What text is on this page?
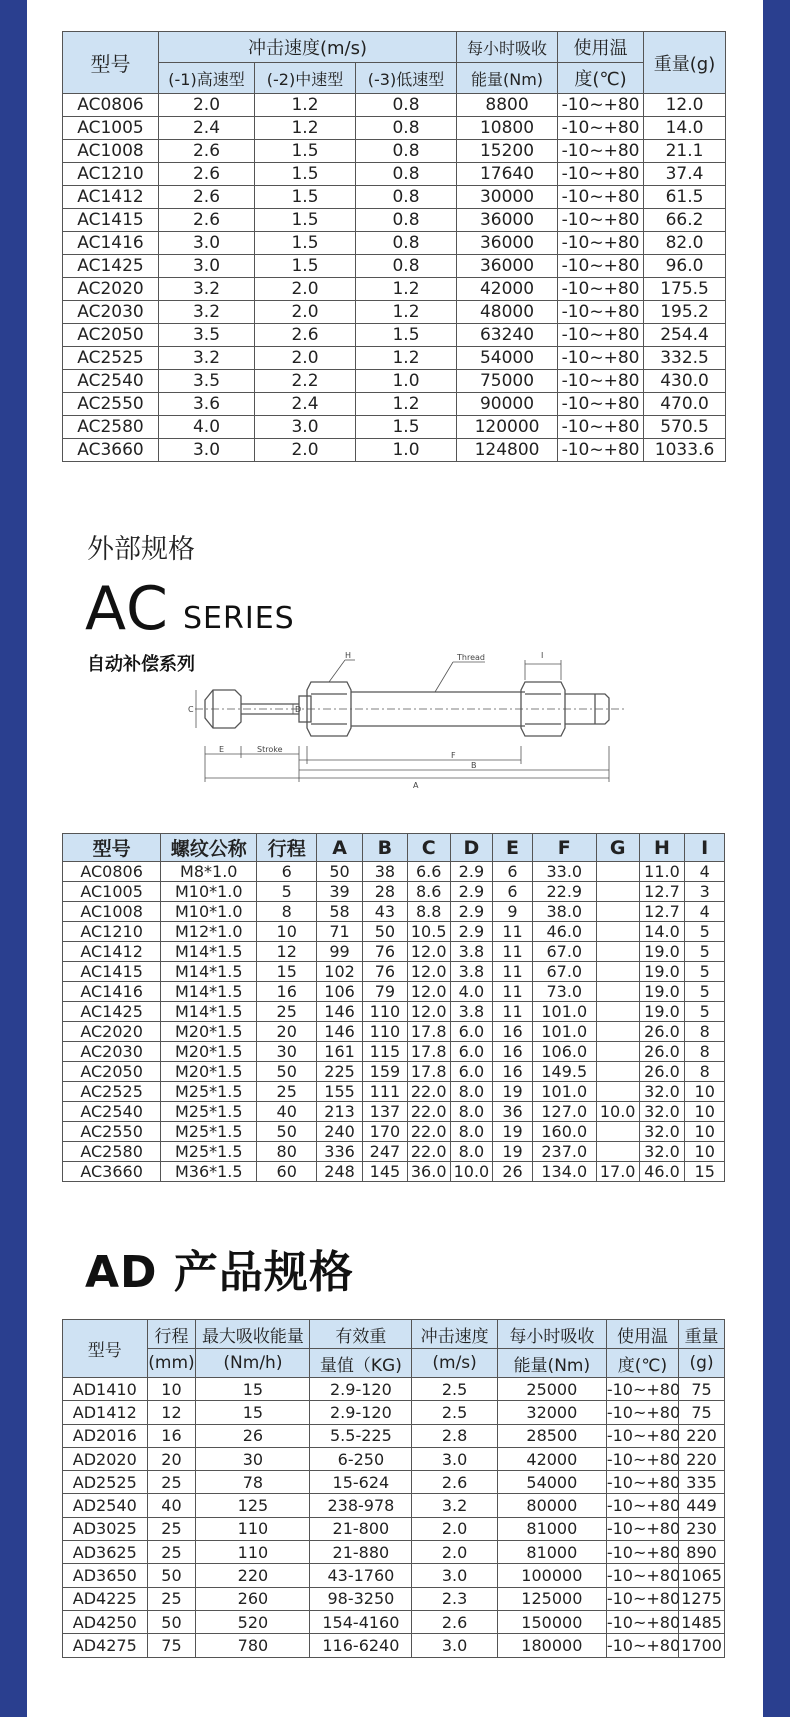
型号	冲击速度(m/s)			每小时吸收	使用温	重量(g)
	(-1)高速型	(-2)中速型	(-3)低速型	能量(Nm)	度(℃)	
AC0806	2.0	1.2	0.8	8800	-10~+80	12.0
AC1005	2.4	1.2	0.8	10800	-10~+80	14.0
AC1008	2.6	1.5	0.8	15200	-10~+80	21.1
AC1210	2.6	1.5	0.8	17640	-10~+80	37.4
AC1412	2.6	1.5	0.8	30000	-10~+80	61.5
AC1415	2.6	1.5	0.8	36000	-10~+80	66.2
AC1416	3.0	1.5	0.8	36000	-10~+80	82.0
AC1425	3.0	1.5	0.8	36000	-10~+80	96.0
AC2020	3.2	2.0	1.2	42000	-10~+80	175.5
AC2030	3.2	2.0	1.2	48000	-10~+80	195.2
AC2050	3.5	2.6	1.5	63240	-10~+80	254.4
AC2525	3.2	2.0	1.2	54000	-10~+80	332.5
AC2540	3.5	2.2	1.0	75000	-10~+80	430.0
AC2550	3.6	2.4	1.2	90000	-10~+80	470.0
AC2580	4.0	3.0	1.5	120000	-10~+80	570.5
AC3660	3.0	2.0	1.0	124800	-10~+80	1033.6
外部规格
AC SERIES
自动补偿系列	H	Thread	I
C	D
E	Stroke
F
B
A
型号	螺纹公称	行程	A	B	C	D	E	F	G	H	I
AC0806	M8*1.0	6	50	38	6.6	2.9	6	33.0		11.0	4
AC1005	M10*1.0	5	39	28	8.6	2.9	6	22.9		12.7	3
AC1008	M10*1.0	8	58	43	8.8	2.9	9	38.0		12.7	4
AC1210	M12*1.0	10	71	50	10.5	2.9	11	46.0		14.0	5
AC1412	M14*1.5	12	99	76	12.0	3.8	11	67.0		19.0	5
AC1415	M14*1.5	15	102	76	12.0	3.8	11	67.0		19.0	5
AC1416	M14*1.5	16	106	79	12.0	4.0	11	73.0		19.0	5
AC1425	M14*1.5	25	146	110	12.0	3.8	11	101.0		19.0	5
AC2020	M20*1.5	20	146	110	17.8	6.0	16	101.0		26.0	8
AC2030	M20*1.5	30	161	115	17.8	6.0	16	106.0		26.0	8
AC2050	M20*1.5	50	225	159	17.8	6.0	16	149.5		26.0	8
AC2525	M25*1.5	25	155	111	22.0	8.0	19	101.0		32.0	10
AC2540	M25*1.5	40	213	137	22.0	8.0	36	127.0	10.0	32.0	10
AC2550	M25*1.5	50	240	170	22.0	8.0	19	160.0		32.0	10
AC2580	M25*1.5	80	336	247	22.0	8.0	19	237.0		32.0	10
AC3660	M36*1.5	60	248	145	36.0	10.0	26	134.0	17.0	46.0	15
AD 产品规格
型号	行程	最大吸收能量	有效重	冲击速度	每小时吸收	使用温	重量
	(mm)	(Nm/h)	量值（KG)	(m/s)	能量(Nm)	度(℃)	(g)
AD1410	10	15	2.9-120	2.5	25000	-10~+80	75
AD1412	12	15	2.9-120	2.5	32000	-10~+80	75
AD2016	16	26	5.5-225	2.8	28500	-10~+80	220
AD2020	20	30	6-250	3.0	42000	-10~+80	220
AD2525	25	78	15-624	2.6	54000	-10~+80	335
AD2540	40	125	238-978	3.2	80000	-10~+80	449
AD3025	25	110	21-800	2.0	81000	-10~+80	230
AD3625	25	110	21-880	2.0	81000	-10~+80	890
AD3650	50	220	43-1760	3.0	100000	-10~+80	1065
AD4225	25	260	98-3250	2.3	125000	-10~+80	1275
AD4250	50	520	154-4160	2.6	150000	-10~+80	1485
AD4275	75	780	116-6240	3.0	180000	-10~+80	1700
